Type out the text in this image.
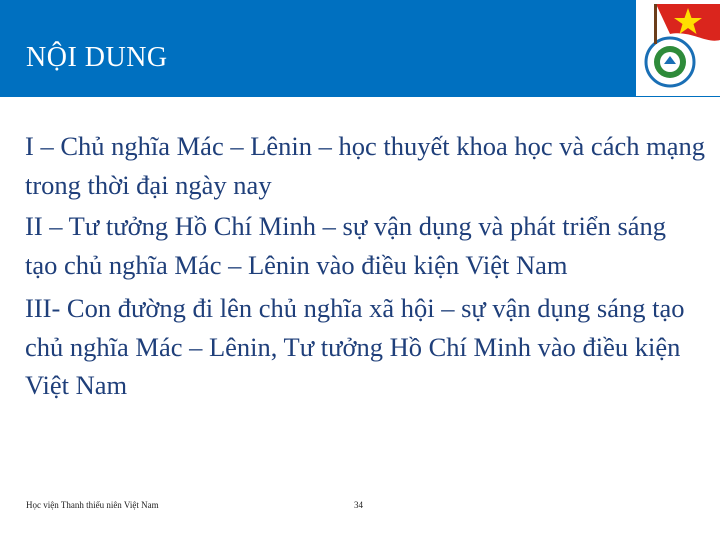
NỘI DUNG

I – Chủ nghĩa Mác – Lênin – học thuyết khoa học và cách mạng trong thời đại ngày nay

II – Tư tưởng Hồ Chí Minh – sự vận dụng và phát triển sáng tạo chủ nghĩa Mác – Lênin vào điều kiện Việt Nam

III- Con đường đi lên chủ nghĩa xã hội – sự vận dụng sáng tạo chủ nghĩa Mác – Lênin, Tư tưởng Hồ Chí Minh vào điều kiện Việt Nam

Học viện Thanh thiếu niên Việt Nam	34
